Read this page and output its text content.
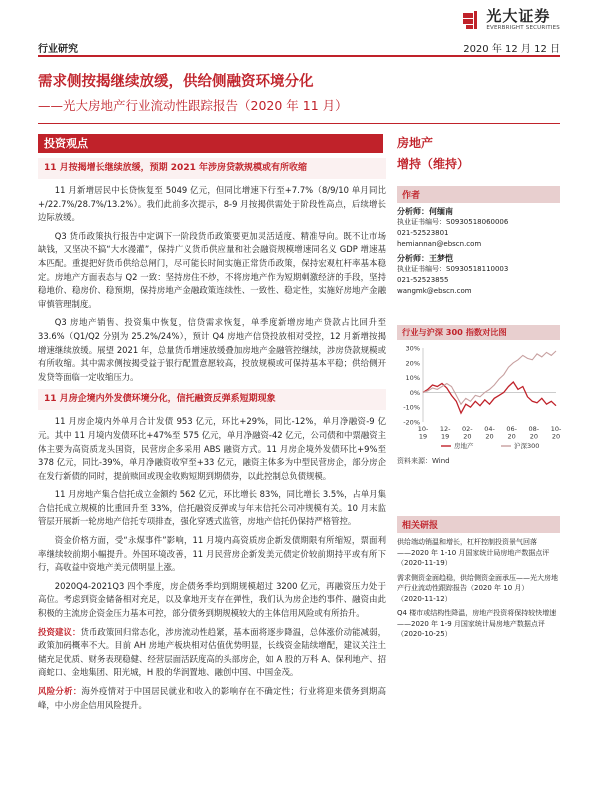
光大证券
EVERBRIGHT SECURITIES
行业研究	2020 年 12 月 12 日
需求侧按揭继续放缓，供给侧融资环境分化
——光大房地产行业流动性跟踪报告（2020 年 11 月）
投资观点
11 月按揭增长继续放缓，预期 2021 年涉房贷款规模或有所收缩

11 月新增居民中长贷恢复至 5049 亿元，但同比增速下行至+7.7%（8/9/10 单月同比+/22.7%/28.7%/13.2%）。我们此前多次提示，8-9 月按揭供需处于阶段性高点，后续增长边际放缓。

Q3 货币政策执行报告中定调下一阶段货币政策要更加灵活适度、精准导向。既不让市场缺钱，又坚决不搞“大水漫灌”，保持广义货币供应量和社会融资规模增速同名义 GDP 增速基本匹配。重提把好货币供给总闸门，尽可能长时间实施正常货币政策，保持宏观杠杆率基本稳定。房地产方面表态与 Q2 一致：坚持房住不炒，不将房地产作为短期刺激经济的手段，坚持稳地价、稳房价、稳预期，保持房地产金融政策连续性、一致性、稳定性，实施好房地产金融审慎管理制度。

Q3 房地产销售、投资集中恢复，信贷需求恢复，单季度新增房地产贷款占比回升至 33.6%（Q1/Q2 分别为 25.2%/24%），预计 Q4 房地产信贷投放相对受控，12 月新增按揭增速继续放缓。展望 2021 年，总量货币增速放缓叠加房地产金融管控继续，涉房贷款规模或有所收缩。其中需求侧按揭受益于银行配置意愿较高，投放规模或可保持基本平稳；供给侧开发贷等面临一定收缩压力。

11 月房企境内外发债环境分化，信托融资反弹系短期现象

11 月房企境内外单月合计发债 953 亿元，环比+29%，同比-12%，单月净融资-9 亿元。其中 11 月境内发债环比+47%至 575 亿元，单月净融资-42 亿元，公司债和中票融资主体主要为高资质龙头国资，民营房企多采用 ABS 融资方式。11 月房企境外发债环比+9%至 378 亿元，同比-39%，单月净融资收窄至+33 亿元，融资主体多为中型民营房企，部分房企在发行新债的同时，提前赎回或现金收购短期到期债券，以此控制总负债规模。

11 月房地产集合信托成立金额约 562 亿元，环比增长 83%，同比增长 3.5%，占单月集合信托成立规模的比重回升至 33%，信托融资反弹或与年末信托公司冲规模有关。10 月末监管层开展新一轮房地产信托专项排查，强化穿透式监管，房地产信托仍保持严格管控。

资金价格方面，受“永煤事件”影响，11 月境内高资质房企新发债期限有所缩短，票面利率继续较前期小幅提升。外国环境改善，11 月民营房企新发美元债定价较前期持平或有所下行，高收益中资地产美元债明显上涨。

2020Q4-2021Q3 四个季度，房企债务季均到期规模超过 3200 亿元，再融资压力处于高位。考虑到资金储备相对充足，以及拿地开支存在弹性，我们认为房企违约事件、融资由此积极的主流房企资金压力基本可控，部分债务到期规模较大的主体信用风险或有所抬升。

投资建议：货币政策回归常态化，涉房流动性趋紧，基本面将逐步降温，总体涨价动能减弱，政策加码概率不大。目前 AH 房地产板块相对估值优势明显，长线资金陆续增配，建议关注土储充足优质、财务表现稳健、经营层面活跃度高的头部房企，如 A 股的万科 A、保利地产、招商蛇口、金地集团、阳光城，H 股的华润置地、融创中国、中国金茂。

风险分析：海外疫情对于中国居民就业和收入的影响存在不确定性；行业将迎来债务到期高峰，中小房企信用风险提升。

房地产
增持（维持）
作者
分析师：何缅南
执业证书编号：S0930518060006
021-52523801
hemiannan@ebscn.com
分析师：王梦恺
执业证书编号：S0930518110003
021-52523855
wangmk@ebscn.com
行业与沪深 300 指数对比图
-20%
-10%
0%
10%
20%
30%
10-19
12-19
02-20
04-20
06-20
08-20
10-20
房地产	沪深300
资料来源：Wind
相关研报
供给端动销温和增长，杠杆控制投资景气回落
——2020 年 1-10 月国家统计局房地产数据点评（2020-11-19）
需求侧资金面趋稳，供给侧资金面承压——光大房地产行业流动性跟踪报告（2020 年 10 月）
（2020-11-12）
Q4 楼市或结构性降温，房地产投资将保持较快增速
——2020 年 1-9 月国家统计局房地产数据点评（2020-10-25）
